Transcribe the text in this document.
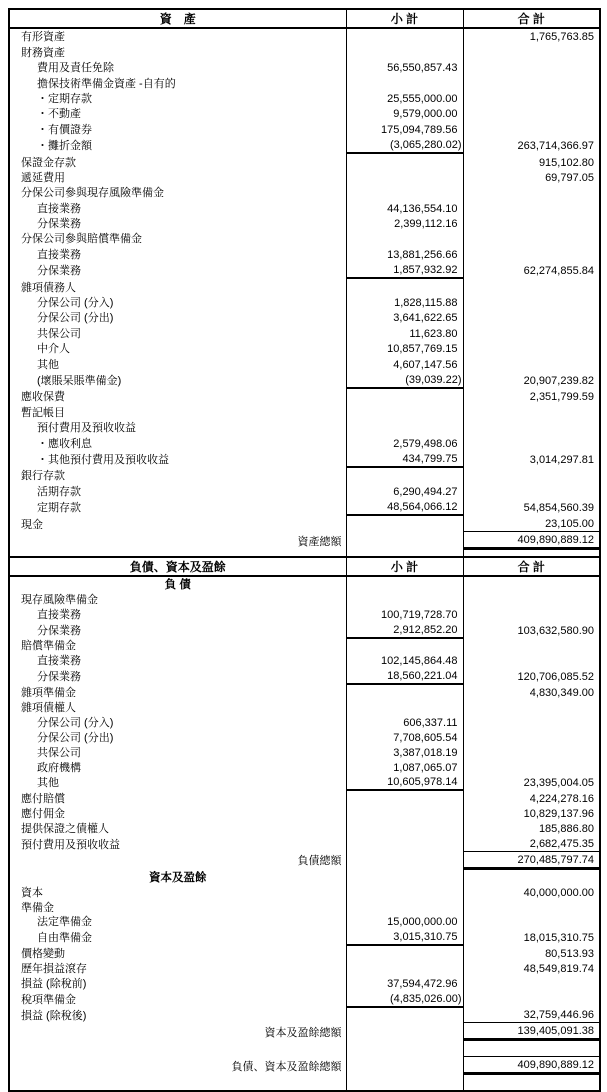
資　產	小 計	合 計
有形資產		1,765,763.85
財務資產		
費用及責任免除	56,550,857.43	
擔保技術準備金資產 -自有的		
・定期存款	25,555,000.00	
・不動產	9,579,000.00	
・有價證券	175,094,789.56	
・攤折金額	(3,065,280.02)	263,714,366.97
保證金存款		915,102.80
遞延費用		69,797.05
分保公司參與現存風險準備金		
直接業務	44,136,554.10	
分保業務	2,399,112.16	
分保公司參與賠償準備金		
直接業務	13,881,256.66	
分保業務	1,857,932.92	62,274,855.84
雜項債務人		
分保公司 (分入)	1,828,115.88	
分保公司 (分出)	3,641,622.65	
共保公司	11,623.80	
中介人	10,857,769.15	
其他	4,607,147.56	
(壞賬呆賬準備金)	(39,039.22)	20,907,239.82
應收保費		2,351,799.59
暫記帳目		
預付費用及預收收益		
・應收利息	2,579,498.06	
・其他預付費用及預收收益	434,799.75	3,014,297.81
銀行存款		
活期存款	6,290,494.27	
定期存款	48,564,066.12	54,854,560.39
現金		23,105.00
資產總額		409,890,889.12

負債、資本及盈餘	小 計	合 計
負 債		
現存風險準備金		
直接業務	100,719,728.70	
分保業務	2,912,852.20	103,632,580.90
賠償準備金		
直接業務	102,145,864.48	
分保業務	18,560,221.04	120,706,085.52
雜項準備金		4,830,349.00
雜項債權人		
分保公司 (分入)	606,337.11	
分保公司 (分出)	7,708,605.54	
共保公司	3,387,018.19	
政府機構	1,087,065.07	
其他	10,605,978.14	23,395,004.05
應付賠償		4,224,278.16
應付佣金		10,829,137.96
提供保證之債權人		185,886.80
預付費用及預收收益		2,682,475.35
負債總額		270,485,797.74
資本及盈餘		
資本		40,000,000.00
準備金		
法定準備金	15,000,000.00	
自由準備金	3,015,310.75	18,015,310.75
價格變動		80,513.93
歷年損益滾存		48,549,819.74
損益 (除稅前)	37,594,472.96	
稅項準備金	(4,835,026.00)	
損益 (除稅後)		32,759,446.96
資本及盈餘總額		139,405,091.38

負債、資本及盈餘總額		409,890,889.12
